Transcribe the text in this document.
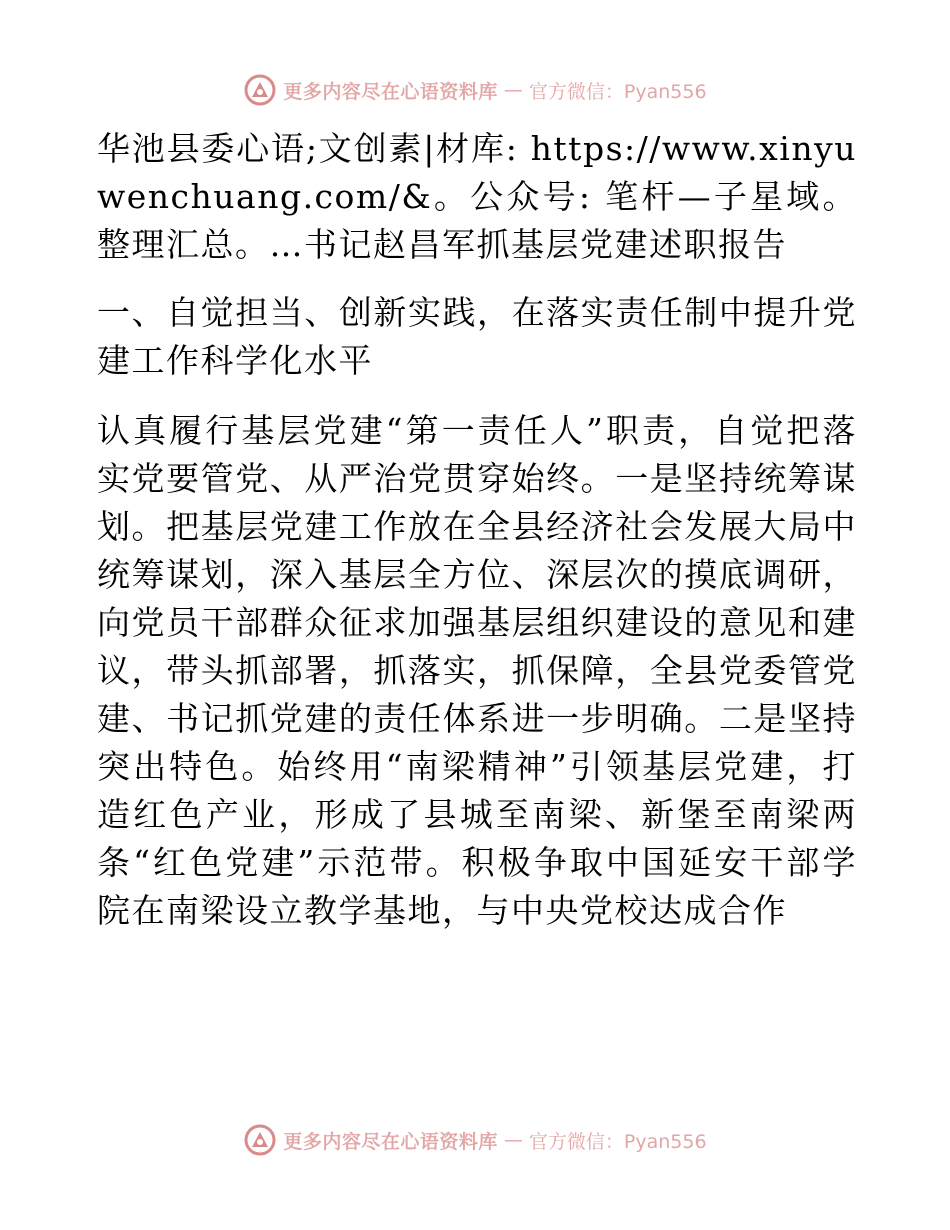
更多内容尽在心语资料库 — 官方微信：Pyan556

华池县委心语;文创素|材库: https://www.xinyuwenchuang.com/&。公众号: 笔杆—子星域。整理汇总。…书记赵昌军抓基层党建述职报告

一、自觉担当、创新实践，在落实责任制中提升党建工作科学化水平

认真履行基层党建“第一责任人”职责，自觉把落实党要管党、从严治党贯穿始终。一是坚持统筹谋划。把基层党建工作放在全县经济社会发展大局中统筹谋划，深入基层全方位、深层次的摸底调研，向党员干部群众征求加强基层组织建设的意见和建议，带头抓部署，抓落实，抓保障，全县党委管党建、书记抓党建的责任体系进一步明确。二是坚持突出特色。始终用“南梁精神”引领基层党建，打造红色产业，形成了县城至南梁、新堡至南梁两条“红色党建”示范带。积极争取中国延安干部学院在南梁设立教学基地，与中央党校达成合作

更多内容尽在心语资料库 — 官方微信：Pyan556
